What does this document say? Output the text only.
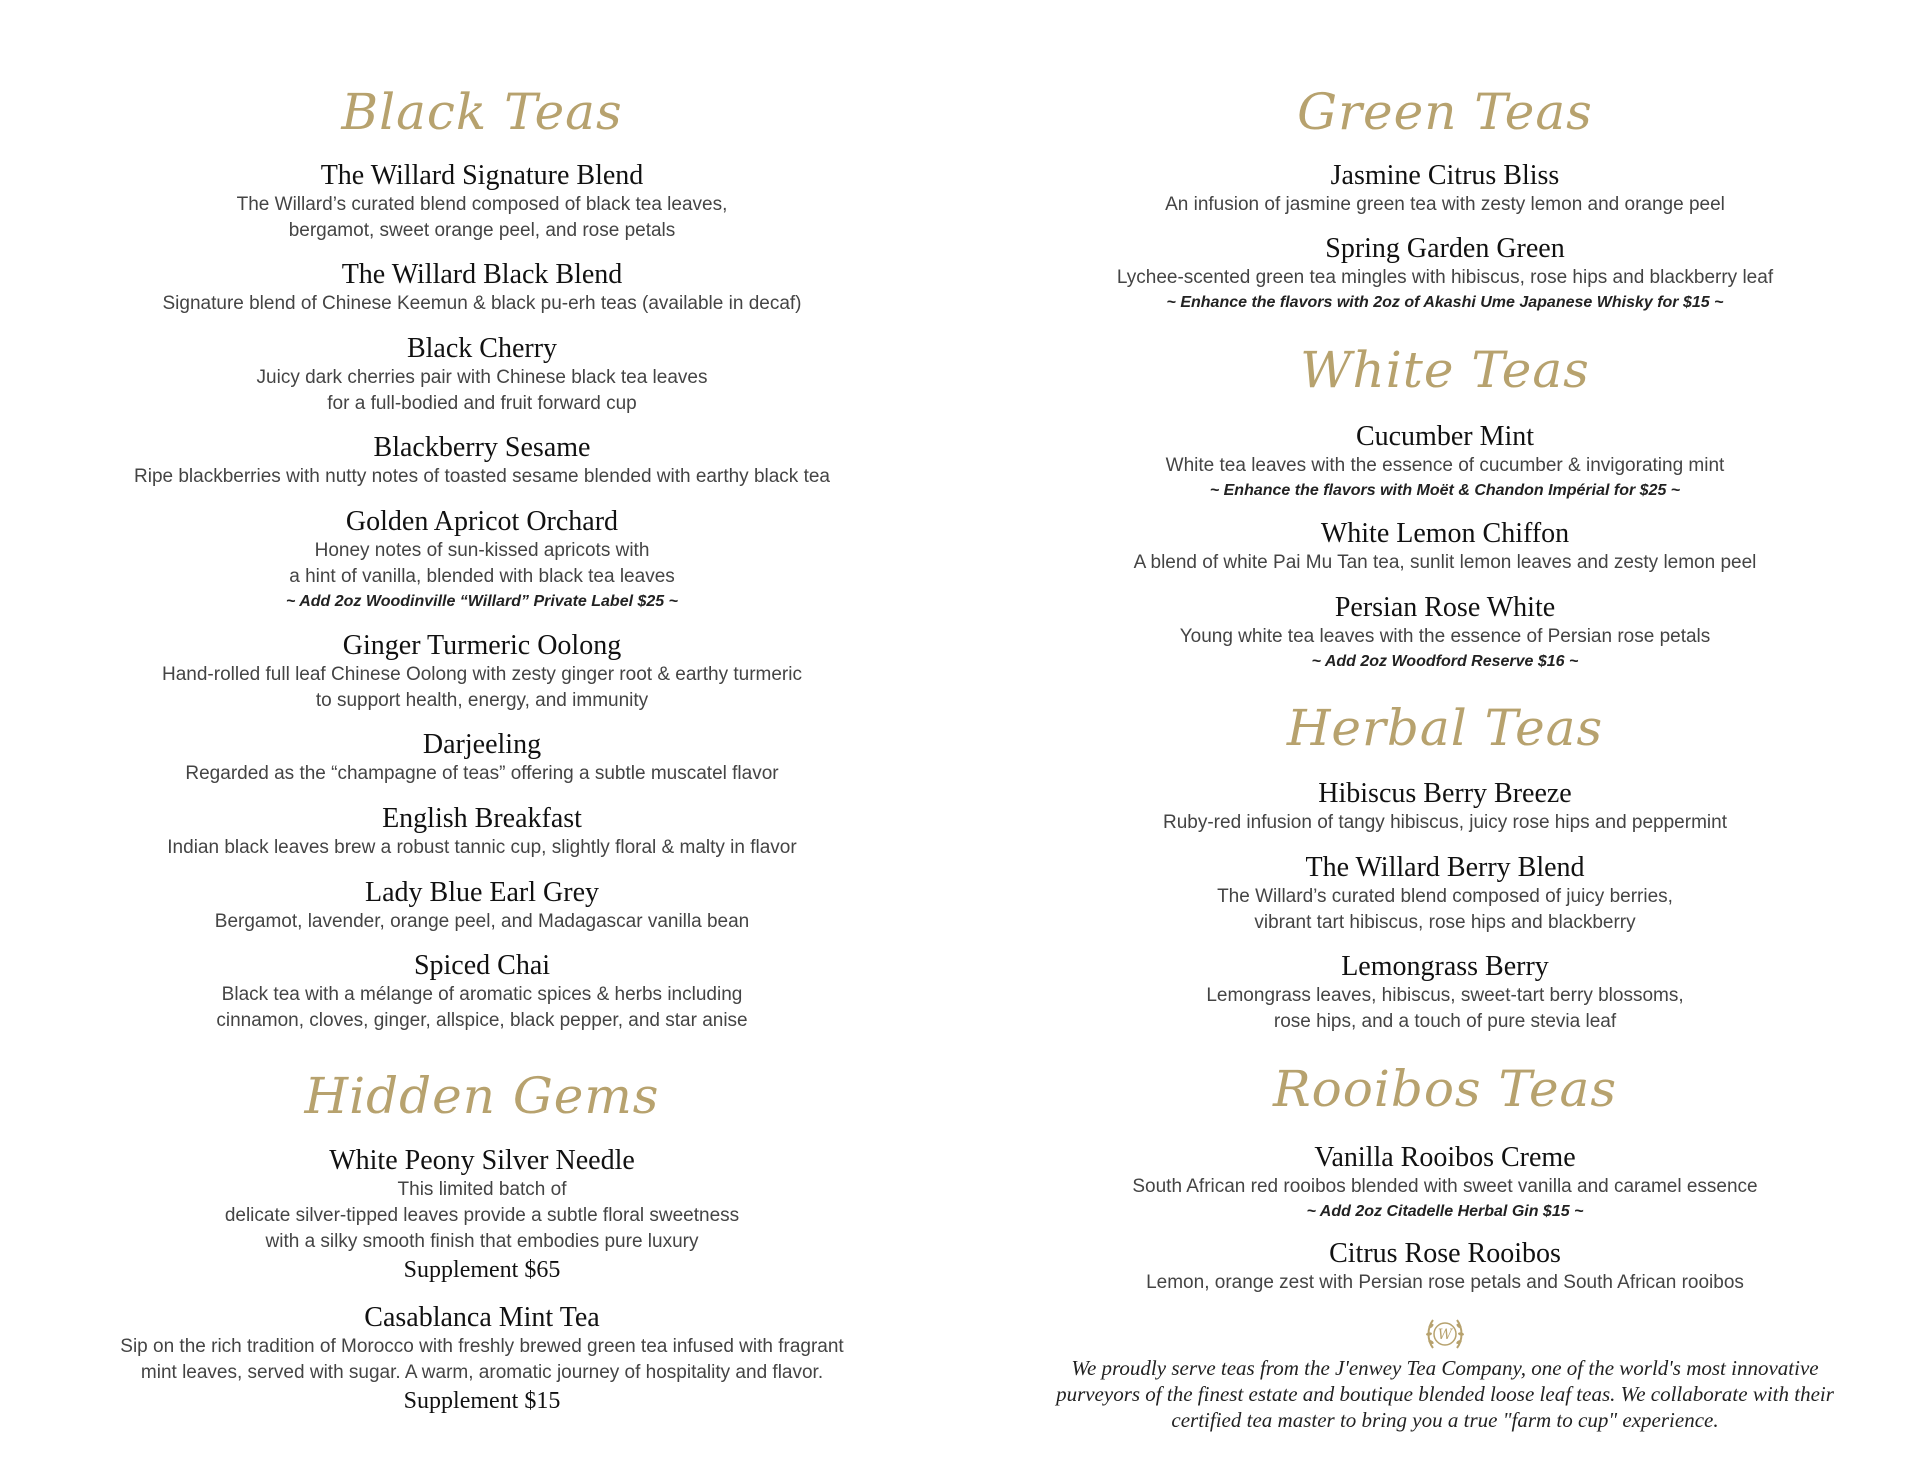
Black Teas

The Willard Signature Blend

The Willard’s curated blend composed of black tea leaves,

bergamot, sweet orange peel, and rose petals

The Willard Black Blend

Signature blend of Chinese Keemun & black pu-erh teas (available in decaf)

Black Cherry

Juicy dark cherries pair with Chinese black tea leaves

for a full-bodied and fruit forward cup

Blackberry Sesame

Ripe blackberries with nutty notes of toasted sesame blended with earthy black tea

Golden Apricot Orchard

Honey notes of sun-kissed apricots with

a hint of vanilla, blended with black tea leaves

~ Add 2oz Woodinville “Willard” Private Label $25 ~

Ginger Turmeric Oolong

Hand-rolled full leaf Chinese Oolong with zesty ginger root & earthy turmeric

to support health, energy, and immunity

Darjeeling

Regarded as the “champagne of teas” offering a subtle muscatel flavor

English Breakfast

Indian black leaves brew a robust tannic cup, slightly floral & malty in flavor

Lady Blue Earl Grey

Bergamot, lavender, orange peel, and Madagascar vanilla bean

Spiced Chai

Black tea with a mélange of aromatic spices & herbs including

cinnamon, cloves, ginger, allspice, black pepper, and star anise

Hidden Gems

White Peony Silver Needle

This limited batch of

delicate silver-tipped leaves provide a subtle floral sweetness

with a silky smooth finish that embodies pure luxury

Supplement $65

Casablanca Mint Tea

Sip on the rich tradition of Morocco with freshly brewed green tea infused with fragrant

mint leaves, served with sugar. A warm, aromatic journey of hospitality and flavor.

Supplement $15

Green Teas

Jasmine Citrus Bliss

An infusion of jasmine green tea with zesty lemon and orange peel

Spring Garden Green

Lychee-scented green tea mingles with hibiscus, rose hips and blackberry leaf

~ Enhance the flavors with 2oz of Akashi Ume Japanese Whisky for $15 ~

White Teas

Cucumber Mint

White tea leaves with the essence of cucumber & invigorating mint

~ Enhance the flavors with Moët & Chandon Impérial for $25 ~

White Lemon Chiffon

A blend of white Pai Mu Tan tea, sunlit lemon leaves and zesty lemon peel

Persian Rose White

Young white tea leaves with the essence of Persian rose petals

~ Add 2oz Woodford Reserve $16 ~

Herbal Teas

Hibiscus Berry Breeze

Ruby-red infusion of tangy hibiscus, juicy rose hips and peppermint

The Willard Berry Blend

The Willard’s curated blend composed of juicy berries,

vibrant tart hibiscus, rose hips and blackberry

Lemongrass Berry

Lemongrass leaves, hibiscus, sweet-tart berry blossoms,

rose hips, and a touch of pure stevia leaf

Rooibos Teas

Vanilla Rooibos Creme

South African red rooibos blended with sweet vanilla and caramel essence

~ Add 2oz Citadelle Herbal Gin $15 ~

Citrus Rose Rooibos

Lemon, orange zest with Persian rose petals and South African rooibos

W
We proudly serve teas from the J'enwey Tea Company, one of the world's most innovative
purveyors of the finest estate and boutique blended loose leaf teas. We collaborate with their
certified tea master to bring you a true "farm to cup" experience.
